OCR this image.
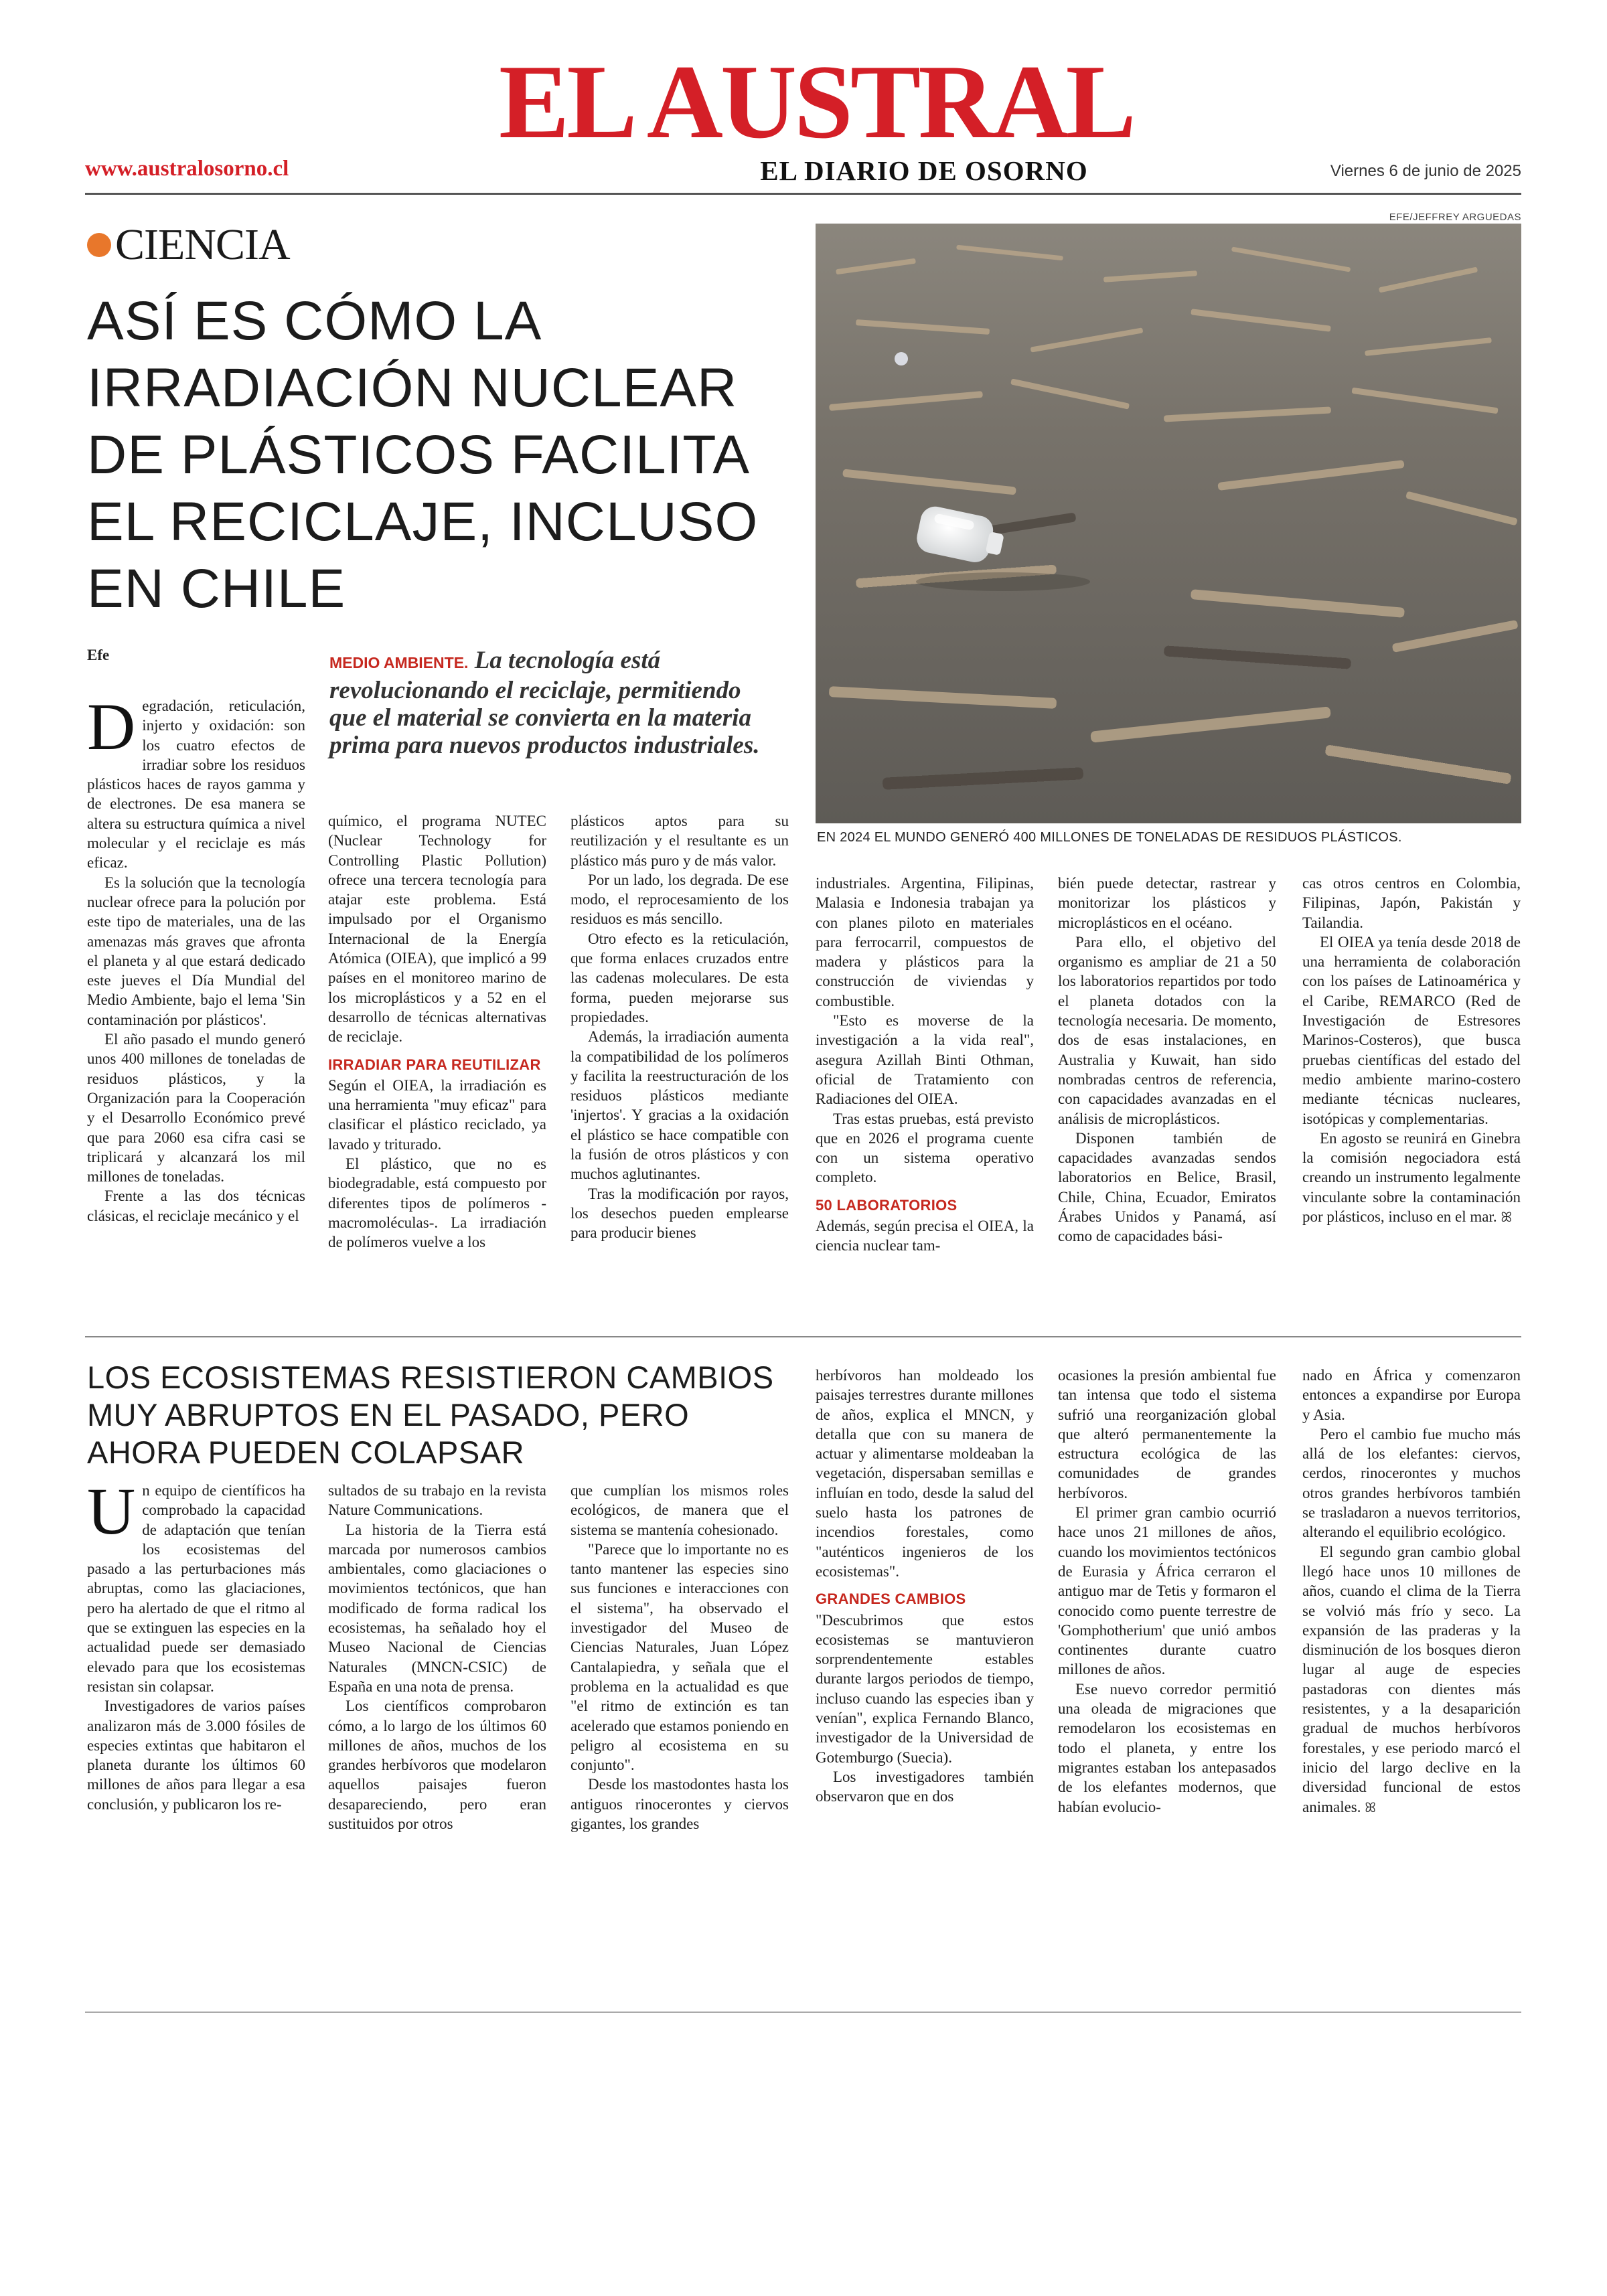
EL AUSTRAL
www.australosorno.cl	EL DIARIO DE OSORNO	Viernes 6 de junio de 2025
CIENCIA
ASÍ ES CÓMO LA IRRADIACIÓN NUCLEAR DE PLÁSTICOS FACILITA EL RECICLAJE, INCLUSO EN CHILE
EFE/JEFFREY ARGUEDAS
EN 2024 EL MUNDO GENERÓ 400 MILLONES DE TONELADAS DE RESIDUOS PLÁSTICOS.
Efe	MEDIO AMBIENTE. La tecnología está revolucionando el reciclaje, permitiendo que el material se convierta en la materia prima para nuevos productos industriales.

Degradación, reticulación, injerto y oxidación: son los cuatro efectos de irradiar sobre los residuos plásticos haces de rayos gamma y de electrones. De esa manera se altera su estructura química a nivel molecular y el reciclaje es más eficaz.

Es la solución que la tecnología nuclear ofrece para la polución por este tipo de materiales, una de las amenazas más graves que afronta el planeta y al que estará dedicado este jueves el Día Mundial del Medio Ambiente, bajo el lema 'Sin contaminación por plásticos'.

El año pasado el mundo generó unos 400 millones de toneladas de residuos plásticos, y la Organización para la Cooperación y el Desarrollo Económico prevé que para 2060 esa cifra casi se triplicará y alcanzará los mil millones de toneladas.

Frente a las dos técnicas clásicas, el reciclaje mecánico y el

químico, el programa NUTEC (Nuclear Technology for Controlling Plastic Pollution) ofrece una tercera tecnología para atajar este problema. Está impulsado por el Organismo Internacional de la Energía Atómica (OIEA), que implicó a 99 países en el monitoreo marino de los microplásticos y a 52 en el desarrollo de técnicas alternativas de reciclaje.

IRRADIAR PARA REUTILIZAR

Según el OIEA, la irradiación es una herramienta "muy eficaz" para clasificar el plástico reciclado, ya lavado y triturado.

El plástico, que no es biodegradable, está compuesto por diferentes tipos de polímeros -macromoléculas-. La irradiación de polímeros vuelve a los

plásticos aptos para su reutilización y el resultante es un plástico más puro y de más valor.

Por un lado, los degrada. De ese modo, el reprocesamiento de los residuos es más sencillo.

Otro efecto es la reticulación, que forma enlaces cruzados entre las cadenas moleculares. De esta forma, pueden mejorarse sus propiedades.

Además, la irradiación aumenta la compatibilidad de los polímeros y facilita la reestructuración de los residuos plásticos mediante 'injertos'. Y gracias a la oxidación el plástico se hace compatible con la fusión de otros plásticos y con muchos aglutinantes.

Tras la modificación por rayos, los desechos pueden emplearse para producir bienes

industriales. Argentina, Filipinas, Malasia e Indonesia trabajan ya con planes piloto en materiales para ferrocarril, compuestos de madera y plásticos para la construcción de viviendas y combustible.

"Esto es moverse de la investigación a la vida real", asegura Azillah Binti Othman, oficial de Tratamiento con Radiaciones del OIEA.

Tras estas pruebas, está previsto que en 2026 el programa cuente con un sistema operativo completo.

50 LABORATORIOS

Además, según precisa el OIEA, la ciencia nuclear tam-

bién puede detectar, rastrear y monitorizar los plásticos y microplásticos en el océano.

Para ello, el objetivo del organismo es ampliar de 21 a 50 los laboratorios repartidos por todo el planeta dotados con la tecnología necesaria. De momento, dos de esas instalaciones, en Australia y Kuwait, han sido nombradas centros de referencia, con capacidades avanzadas en el análisis de microplásticos.

Disponen también de capacidades avanzadas sendos laboratorios en Belice, Brasil, Chile, China, Ecuador, Emiratos Árabes Unidos y Panamá, así como de capacidades bási-

cas otros centros en Colombia, Filipinas, Japón, Pakistán y Tailandia.

El OIEA ya tenía desde 2018 de una herramienta de colaboración con los países de Latinoamérica y el Caribe, REMARCO (Red de Investigación de Estresores Marinos-Costeros), que busca pruebas científicas del estado del medio ambiente marino-costero mediante técnicas nucleares, isotópicas y complementarias.

En agosto se reunirá en Ginebra la comisión negociadora está creando un instrumento legalmente vinculante sobre la contaminación por plásticos, incluso en el mar. ꕤ

LOS ECOSISTEMAS RESISTIERON CAMBIOS MUY ABRUPTOS EN EL PASADO, PERO AHORA PUEDEN COLAPSAR

Un equipo de científicos ha comprobado la capacidad de adaptación que tenían los ecosistemas del pasado a las perturbaciones más abruptas, como las glaciaciones, pero ha alertado de que el ritmo al que se extinguen las especies en la actualidad puede ser demasiado elevado para que los ecosistemas resistan sin colapsar.

Investigadores de varios países analizaron más de 3.000 fósiles de especies extintas que habitaron el planeta durante los últimos 60 millones de años para llegar a esa conclusión, y publicaron los re-

sultados de su trabajo en la revista Nature Communications.

La historia de la Tierra está marcada por numerosos cambios ambientales, como glaciaciones o movimientos tectónicos, que han modificado de forma radical los ecosistemas, ha señalado hoy el Museo Nacional de Ciencias Naturales (MNCN-CSIC) de España en una nota de prensa.

Los científicos comprobaron cómo, a lo largo de los últimos 60 millones de años, muchos de los grandes herbívoros que modelaron aquellos paisajes fueron desapareciendo, pero eran sustituidos por otros

que cumplían los mismos roles ecológicos, de manera que el sistema se mantenía cohesionado.

"Parece que lo importante no es tanto mantener las especies sino sus funciones e interacciones con el sistema", ha observado el investigador del Museo de Ciencias Naturales, Juan López Cantalapiedra, y señala que el problema en la actualidad es que "el ritmo de extinción es tan acelerado que estamos poniendo en peligro al ecosistema en su conjunto".

Desde los mastodontes hasta los antiguos rinocerontes y ciervos gigantes, los grandes

herbívoros han moldeado los paisajes terrestres durante millones de años, explica el MNCN, y detalla que con su manera de actuar y alimentarse moldeaban la vegetación, dispersaban semillas e influían en todo, desde la salud del suelo hasta los patrones de incendios forestales, como "auténticos ingenieros de los ecosistemas".

GRANDES CAMBIOS

"Descubrimos que estos ecosistemas se mantuvieron sorprendentemente estables durante largos periodos de tiempo, incluso cuando las especies iban y venían", explica Fernando Blanco, investigador de la Universidad de Gotemburgo (Suecia).

Los investigadores también observaron que en dos

ocasiones la presión ambiental fue tan intensa que todo el sistema sufrió una reorganización global que alteró permanentemente la estructura ecológica de las comunidades de grandes herbívoros.

El primer gran cambio ocurrió hace unos 21 millones de años, cuando los movimientos tectónicos de Eurasia y África cerraron el antiguo mar de Tetis y formaron el conocido como puente terrestre de 'Gomphotherium' que unió ambos continentes durante cuatro millones de años.

Ese nuevo corredor permitió una oleada de migraciones que remodelaron los ecosistemas en todo el planeta, y entre los migrantes estaban los antepasados de los elefantes modernos, que habían evolucio-

nado en África y comenzaron entonces a expandirse por Europa y Asia.

Pero el cambio fue mucho más allá de los elefantes: ciervos, cerdos, rinocerontes y muchos otros grandes herbívoros también se trasladaron a nuevos territorios, alterando el equilibrio ecológico.

El segundo gran cambio global llegó hace unos 10 millones de años, cuando el clima de la Tierra se volvió más frío y seco. La expansión de las praderas y la disminución de los bosques dieron lugar al auge de especies pastadoras con dientes más resistentes, y a la desaparición gradual de muchos herbívoros forestales, y ese periodo marcó el inicio del largo declive en la diversidad funcional de estos animales. ꕤ
